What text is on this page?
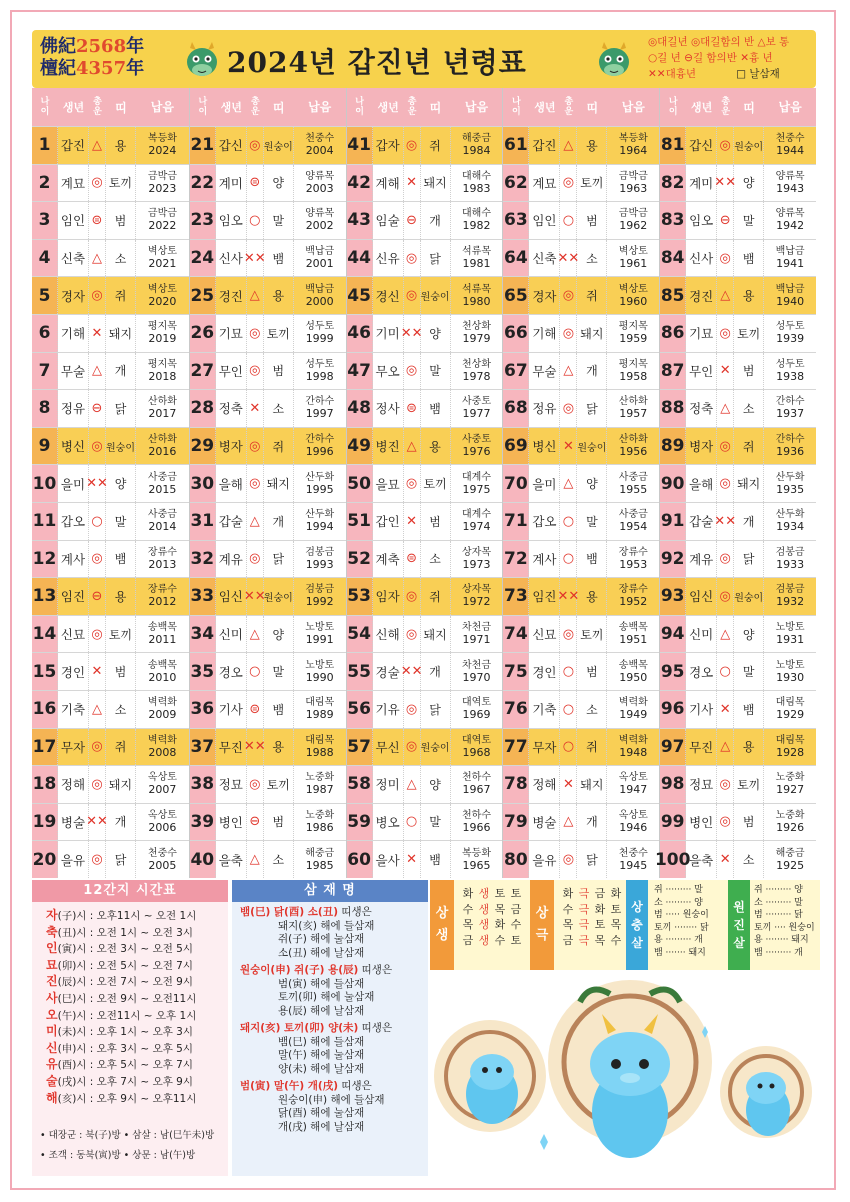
佛紀2568年
檀紀4357年	2024년 갑진년 년령표
◎대길년 ◎대길함의 반 △보 통
○길 년 ⊖길 함의반 ✕흉 년
✕✕대흉년	□ 날삼재
나
이	생년	총
운	띠	납음
1 갑진 △	용	복등화
2024
2 계묘 ◎ 토끼	금박금
2023
3 임인 ⊜	범	금박금
2022
4 신축 △	소	벽상토
2021
5 경자 ◎	쥐	벽상토
2020
6 기해 ✕ 돼지	평지목
2019
7 무술 △	개	평지목
2018
8 정유 ⊖	닭	산하화
2017
9 병신 ◎ 원숭이
산하화
2016
10 을미 ✕✕ 양	사중금
2015
11 갑오 ○	말	사중금
2014
12 계사 ◎	뱀	장류수
2013
13 임진 ⊖	용	장류수
2012
14 신묘 ◎ 토끼	송백목
2011
15 경인 ✕	범	송백목
2010
16 기축 △	소	벽력화
2009
17 무자 ◎	쥐	벽력화
2008
18 정해 ◎ 돼지	옥상토
2007
19 병술 ✕✕ 개	옥상토
2006
20 을유 ◎	닭	천중수
2005
나
이	생년	총
운	띠	납음
21 갑신 ◎ 원숭이
천중수
2004
22 계미 ⊜	양	양류목
2003
23 임오 ○	말	양류목
2002
24 신사 ✕✕ 뱀	백납금
2001
25 경진 △	용	백납금
2000
26 기묘 ◎ 토끼	성두토
1999
27 무인 ◎	범	성두토
1998
28 정축 ✕	소	간하수
1997
29 병자 ◎	쥐	간하수
1996
30 을해 ◎ 돼지	산두화
1995
31 갑술 △	개	산두화
1994
32 계유 ◎	닭	검봉금
1993
33 임신 ✕✕
원숭이
검봉금
1992
34 신미 △	양	노방토
1991
35 경오 ○	말	노방토
1990
36 기사 ⊜	뱀	대림목
1989
37 무진 ✕✕ 용	대림목
1988
38 정묘 ◎ 토끼	노중화
1987
39 병인 ⊖	범	노중화
1986
40 을축 △	소	해중금
1985
나
이	생년	총
운	띠	납음
41 갑자 ◎	쥐	해중금
1984
42 계해 ✕ 돼지	대해수
1983
43 임술 ⊖	개	대해수
1982
44 신유 ◎	닭	석류목
1981
45 경신 ◎ 원숭이
석류목
1980
46 기미 ✕✕ 양	천상화
1979
47 무오 ◎	말	천상화
1978
48 정사 ⊜	뱀	사중토
1977
49 병진 △	용	사중토
1976
50 을묘 ◎ 토끼	대계수
1975
51 갑인 ✕	범	대계수
1974
52 계축 ⊜	소	상자목
1973
53 임자 ◎	쥐	상자목
1972
54 신해 ◎ 돼지	차천금
1971
55 경술 ✕✕ 개	차천금
1970
56 기유 ◎	닭	대역토
1969
57 무신 ◎ 원숭이
대역토
1968
58 정미 △	양	천하수
1967
59 병오 ○	말	천하수
1966
60 을사 ✕	뱀	복등화
1965
나
이	생년	총
운	띠	납음
61 갑진 △	용	복등화
1964
62 계묘 ◎ 토끼	금박금
1963
63 임인 ○	범	금박금
1962
64 신축 ✕✕ 소	벽상토
1961
65 경자 ◎	쥐	벽상토
1960
66 기해 ◎ 돼지	평지목
1959
67 무술 △	개	평지목
1958
68 정유 ◎	닭	산하화
1957
69 병신 ✕ 원숭이
산하화
1956
70 을미 △	양	사중금
1955
71 갑오 ○	말	사중금
1954
72 계사 ○	뱀	장류수
1953
73 임진 ✕✕ 용	장류수
1952
74 신묘 ◎ 토끼	송백목
1951
75 경인 ○	범	송백목
1950
76 기축 ○	소	벽력화
1949
77 무자 ○	쥐	벽력화
1948
78 정해 ✕ 돼지	옥상토
1947
79 병술 △	개	옥상토
1946
80 을유 ◎	닭	천중수
1945
나
이	생년	총
운	띠	납음
81 갑신 ◎ 원숭이
천중수
1944
82 계미 ✕✕ 양	양류목
1943
83 임오 ⊖	말	양류목
1942
84 신사 ◎	뱀	백납금
1941
85 경진 △	용	백납금
1940
86 기묘 ◎ 토끼	성두토
1939
87 무인 ✕	범	성두토
1938
88 정축 △	소	간하수
1937
89 병자 ◎	쥐	간하수
1936
90 을해 ◎ 돼지	산두화
1935
91 갑술 ✕✕ 개	산두화
1934
92 계유 ◎	닭	검봉금
1933
93 임신 ◎ 원숭이
검봉금
1932
94 신미 △	양	노방토
1931
95 경오 ○	말	노방토
1930
96 기사 ✕	뱀	대림목
1929
97 무진 △	용	대림목
1928
98 정묘 ◎ 토끼	노중화
1927
99 병인 ◎	범	노중화
1926
100
을축 ✕	소	해중금
1925
12간지 시간표
자(子)시 : 오후11시 ~ 오전 1시
축(丑)시 : 오전 1시 ~ 오전 3시
인(寅)시 : 오전 3시 ~ 오전 5시
묘(卯)시 : 오전 5시 ~ 오전 7시
진(辰)시 : 오전 7시 ~ 오전 9시
사(巳)시 : 오전 9시 ~ 오전11시
오(午)시 : 오전11시 ~ 오후 1시
미(未)시 : 오후 1시 ~ 오후 3시
신(申)시 : 오후 3시 ~ 오후 5시
유(酉)시 : 오후 5시 ~ 오후 7시
술(戌)시 : 오후 7시 ~ 오후 9시
해(亥)시 : 오후 9시 ~ 오후11시
• 대장군 : 북(子)방 • 삼살 : 남(巳午未)방
• 조객 : 동북(寅)방 • 상문 : 남(午)방
삼 재 명
뱀(巳) 닭(酉) 소(丑) 띠생은
돼지(亥) 해에 들삼재
쥐(子) 해에 눌삼재
소(丑) 해에 날삼재
원숭이(申) 쥐(子) 용(辰) 띠생은
범(寅) 해에 들삼재
토끼(卯) 해에 눌삼재
용(辰) 해에 날삼재
돼지(亥) 토끼(卯) 양(未) 띠생은
뱀(巳) 해에 들삼재
말(午) 해에 눌삼재
양(未) 해에 날삼재
범(寅) 말(午) 개(戌) 띠생은
원숭이(申) 해에 들삼재
닭(酉) 해에 눌삼재
개(戌) 해에 날삼재
상
생
화 생 토 토
수 생 목 금
목 생 화 수
금 생 수 토
상
극
화 극 금 화
수 극 화 토
목 극 토 목
금 극 목 수
상
충
살
쥐 ········· 말
소 ········· 양
범 ····· 원숭이
토끼 ········ 닭
용 ········· 개
뱀 ······· 돼지
원
진
살
쥐 ········· 양
소 ········· 말
범 ········· 닭
토끼 ···· 원숭이
용 ········ 돼지
뱀 ········· 개
